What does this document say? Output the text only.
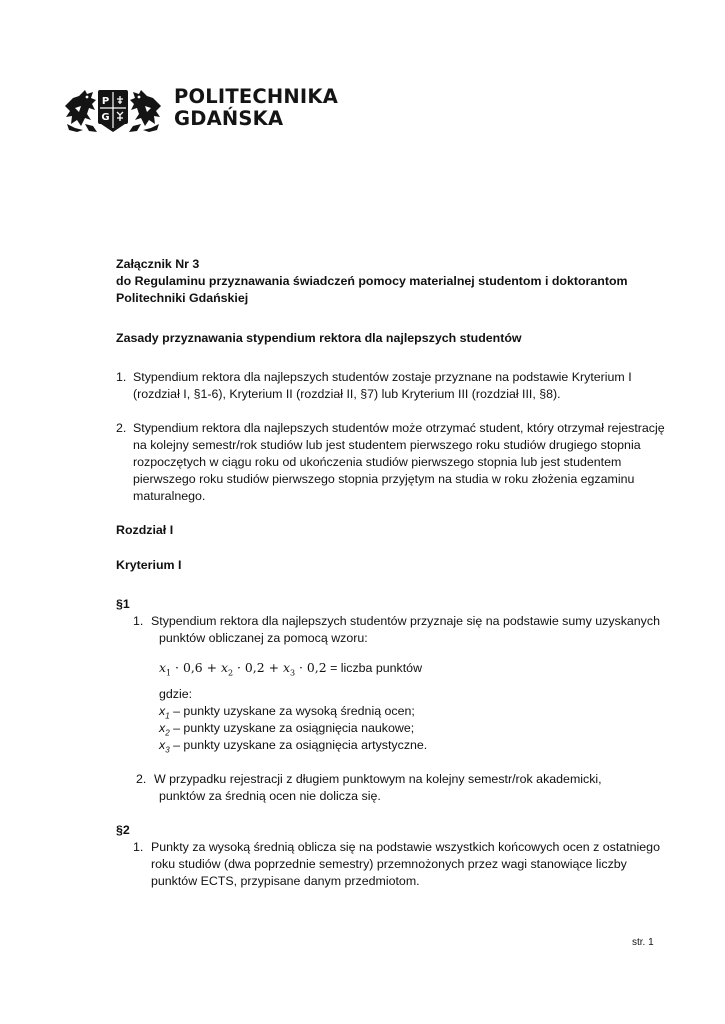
P
G
POLITECHNIKA
GDAŃSKA
Załącznik Nr 3
do Regulaminu przyznawania świadczeń pomocy materialnej studentom i doktorantom
Politechniki Gdańskiej
Zasady przyznawania stypendium rektora dla najlepszych studentów
1. Stypendium rektora dla najlepszych studentów zostaje przyznane na podstawie Kryterium I
(rozdział I, §1-6), Kryterium II (rozdział II, §7) lub Kryterium III (rozdział III, §8).
2. Stypendium rektora dla najlepszych studentów może otrzymać student, który otrzymał rejestrację
na kolejny semestr/rok studiów lub jest studentem pierwszego roku studiów drugiego stopnia
rozpoczętych w ciągu roku od ukończenia studiów pierwszego stopnia lub jest studentem
pierwszego roku studiów pierwszego stopnia przyjętym na studia w roku złożenia egzaminu
maturalnego.
Rozdział I
Kryterium I
§1
1. Stypendium rektora dla najlepszych studentów przyznaje się na podstawie sumy uzyskanych
punktów obliczanej za pomocą wzoru:
$x_1 \cdot 0,6 + x_2 \cdot 0,2 + x_3 \cdot 0,2$ = liczba punktów
gdzie:
$x_1$ – punkty uzyskane za wysoką średnią ocen;
$x_2$ – punkty uzyskane za osiągnięcia naukowe;
$x_3$ – punkty uzyskane za osiągnięcia artystyczne.
2. W przypadku rejestracji z długiem punktowym na kolejny semestr/rok akademicki,
punktów za średnią ocen nie dolicza się.
§2
1. Punkty za wysoką średnią oblicza się na podstawie wszystkich końcowych ocen z ostatniego
roku studiów (dwa poprzednie semestry) przemnożonych przez wagi stanowiące liczby
punktów ECTS, przypisane danym przedmiotom.
str. 1
